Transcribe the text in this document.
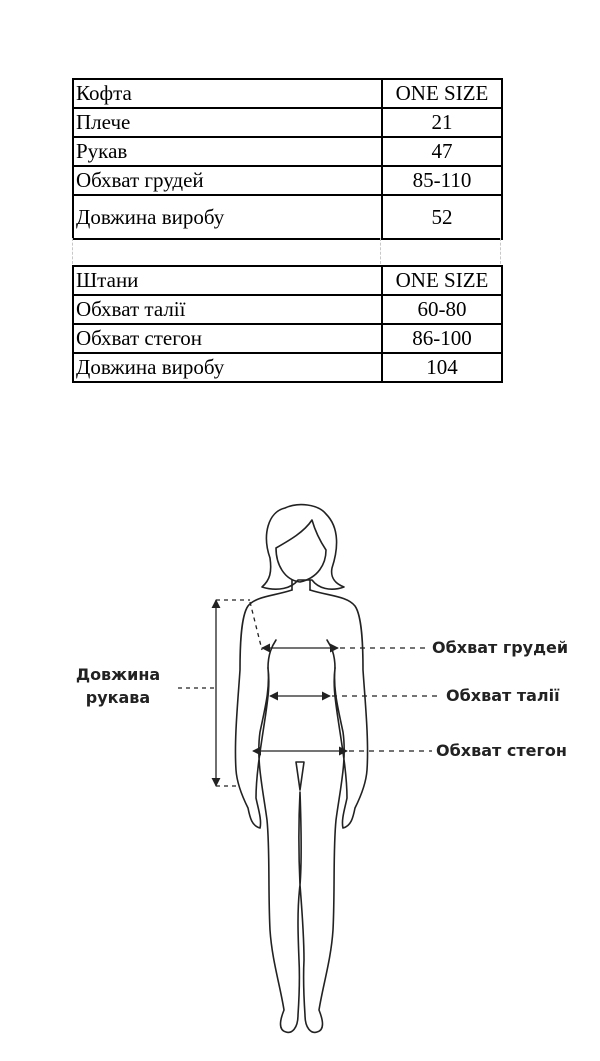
Кофта	ONE SIZE
Плече	21
Рукав	47
Обхват грудей	85-110
Довжина виробу	52
Штани	ONE SIZE
Обхват талії	60-80
Обхват стегон	86-100
Довжина виробу	104
Довжина
рукава
Обхват грудей
Обхват талії
Обхват стегон
